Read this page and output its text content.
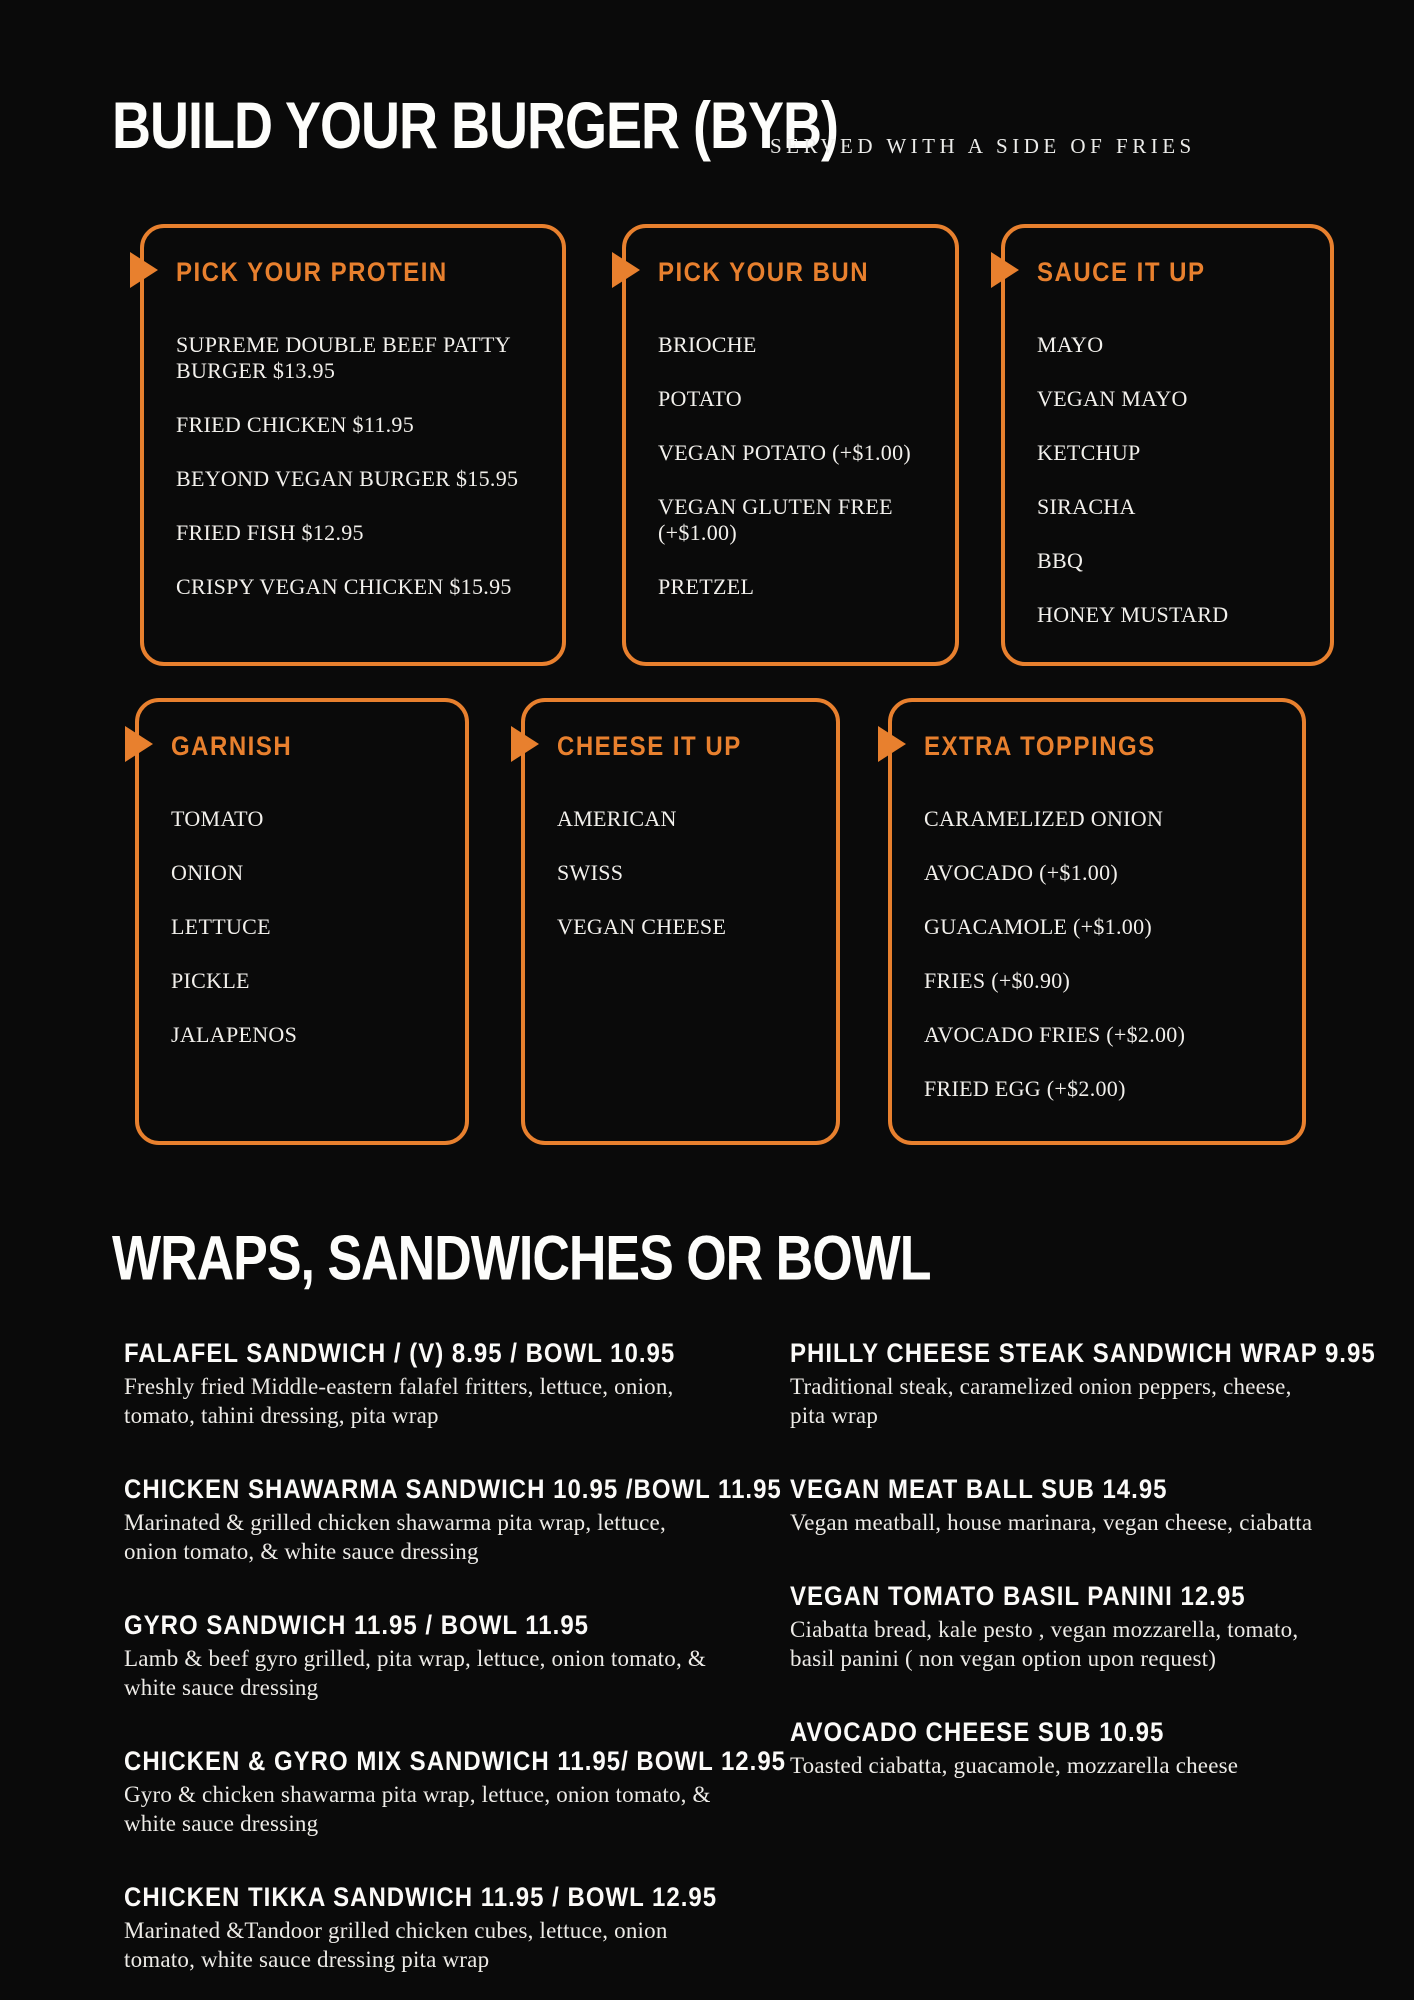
BUILD YOUR BURGER (BYB)
SERVED WITH A SIDE OF FRIES
PICK YOUR PROTEIN
SUPREME DOUBLE BEEF PATTY BURGER $13.95
FRIED CHICKEN $11.95
BEYOND VEGAN BURGER $15.95
FRIED FISH $12.95
CRISPY VEGAN CHICKEN $15.95
PICK YOUR BUN
BRIOCHE
POTATO
VEGAN POTATO (+$1.00)
VEGAN GLUTEN FREE (+$1.00)
PRETZEL
SAUCE IT UP
MAYO
VEGAN MAYO
KETCHUP
SIRACHA
BBQ
HONEY MUSTARD
GARNISH
TOMATO
ONION
LETTUCE
PICKLE
JALAPENOS
CHEESE IT UP
AMERICAN
SWISS
VEGAN CHEESE
EXTRA TOPPINGS
CARAMELIZED ONION
AVOCADO (+$1.00)
GUACAMOLE (+$1.00)
FRIES (+$0.90)
AVOCADO FRIES (+$2.00)
FRIED EGG (+$2.00)
WRAPS, SANDWICHES OR BOWL
FALAFEL SANDWICH / (V) 8.95 / BOWL 10.95
Freshly fried Middle-eastern falafel fritters, lettuce, onion, tomato, tahini dressing, pita wrap
CHICKEN SHAWARMA SANDWICH 10.95 /BOWL 11.95
Marinated & grilled chicken shawarma pita wrap, lettuce, onion tomato, & white sauce dressing
GYRO SANDWICH 11.95 / BOWL 11.95
Lamb & beef gyro grilled, pita wrap, lettuce, onion tomato, & white sauce dressing
CHICKEN & GYRO MIX SANDWICH 11.95/ BOWL 12.95
Gyro & chicken shawarma pita wrap, lettuce, onion tomato, & white sauce dressing
CHICKEN TIKKA SANDWICH 11.95 / BOWL 12.95
Marinated &Tandoor grilled chicken cubes, lettuce, onion tomato, white sauce dressing pita wrap
PHILLY CHEESE STEAK SANDWICH WRAP 9.95
Traditional steak, caramelized onion peppers, cheese, pita wrap
VEGAN MEAT BALL SUB 14.95
Vegan meatball, house marinara, vegan cheese, ciabatta
VEGAN TOMATO BASIL PANINI 12.95
Ciabatta bread, kale pesto , vegan mozzarella, tomato, basil panini ( non vegan option upon request)
AVOCADO CHEESE SUB 10.95
Toasted ciabatta, guacamole, mozzarella cheese
